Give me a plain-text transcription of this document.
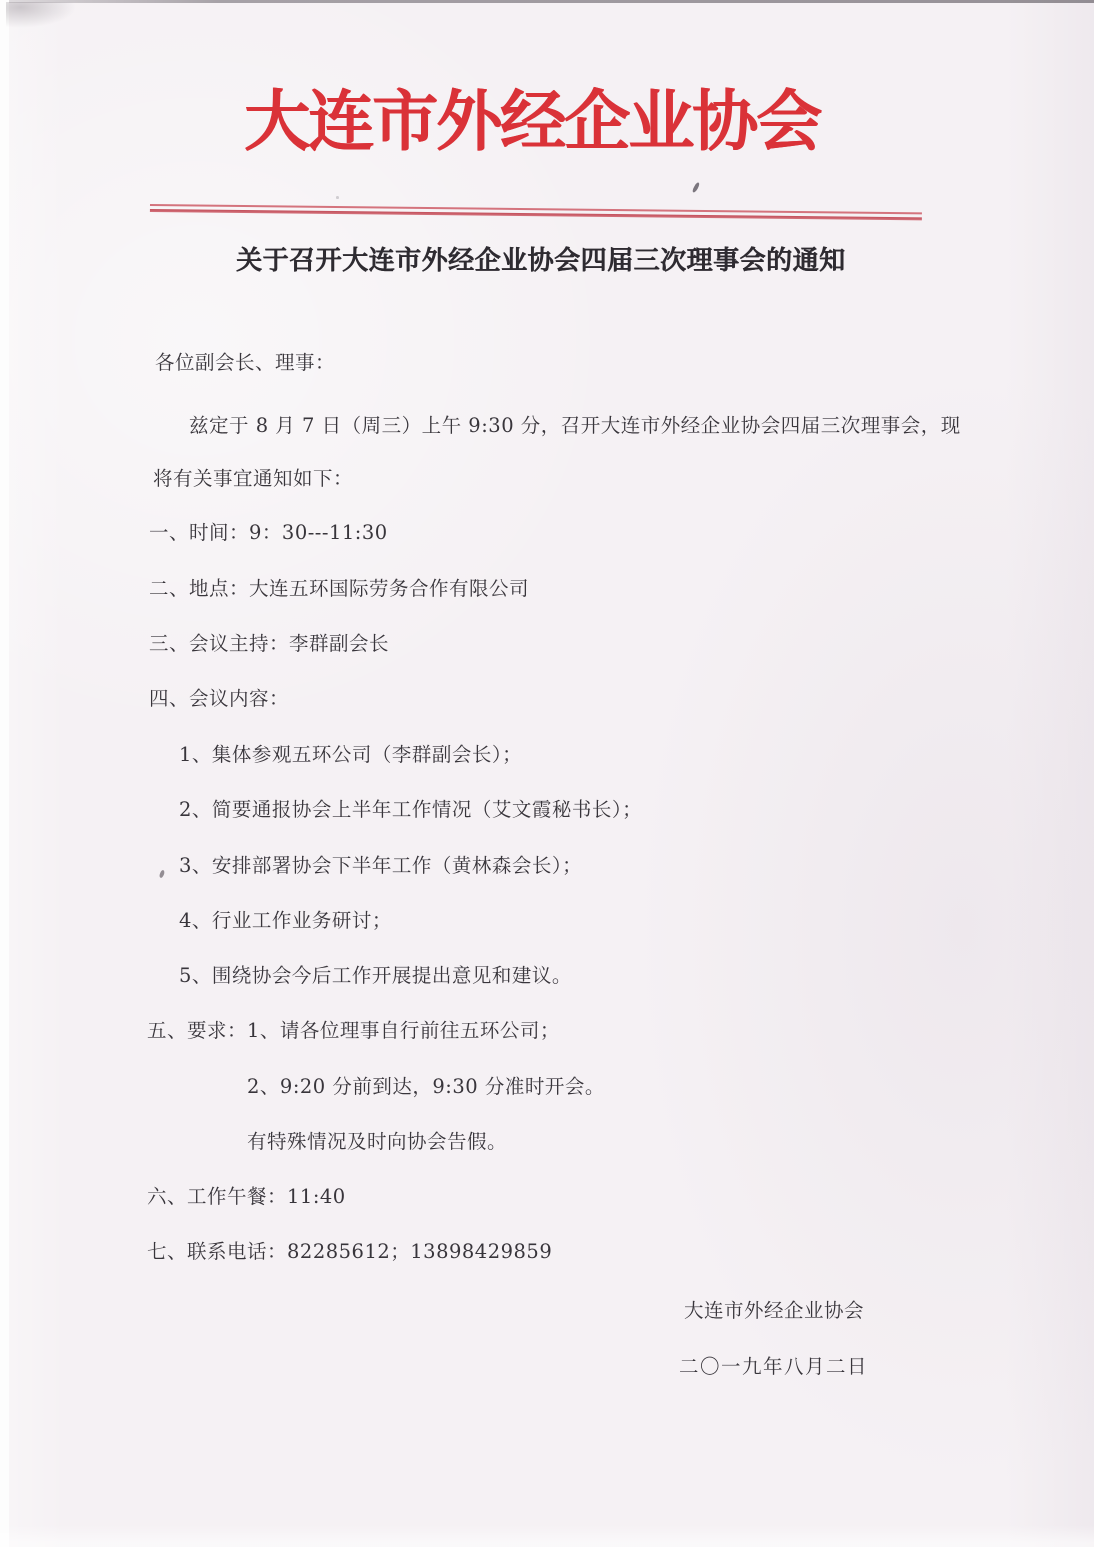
大连市外经企业协会
关于召开大连市外经企业协会四届三次理事会的通知
各位副会长、理事：
兹定于 8 月 7 日（周三）上午 9:30 分，召开大连市外经企业协会四届三次理事会，现
将有关事宜通知如下：
一、时间：9：30---11:30
二、地点：大连五环国际劳务合作有限公司
三、会议主持：李群副会长
四、会议内容：
1、集体参观五环公司（李群副会长）；
2、简要通报协会上半年工作情况（艾文霞秘书长）；
3、安排部署协会下半年工作（黄林森会长）；
4、行业工作业务研讨；
5、围绕协会今后工作开展提出意见和建议。
五、要求：1、请各位理事自行前往五环公司；
2、9:20 分前到达，9:30 分准时开会。
有特殊情况及时向协会告假。
六、工作午餐：11:40
七、联系电话：82285612；13898429859
大连市外经企业协会
二〇一九年八月二日
